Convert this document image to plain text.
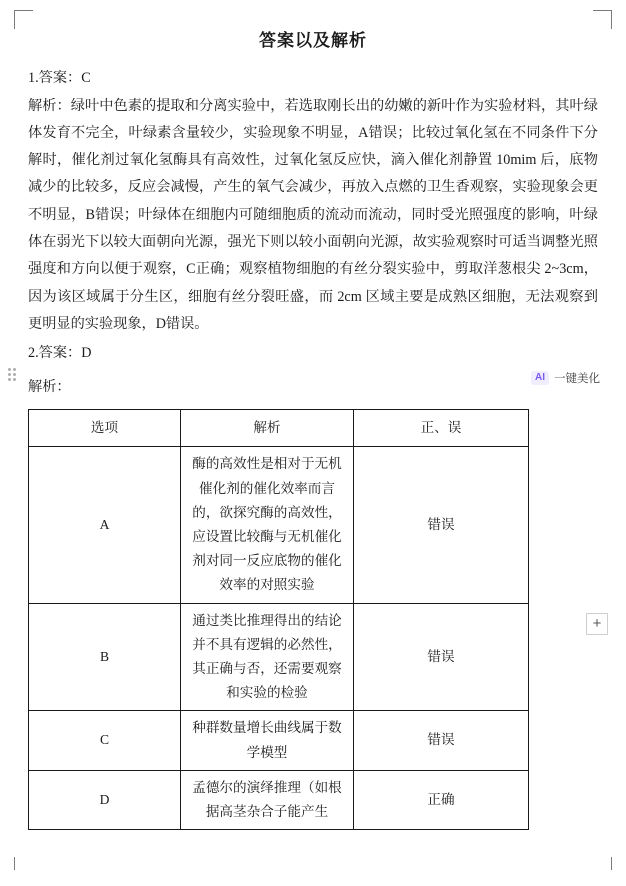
AI 一键美化
+
答案以及解析

1.答案：C

解析：绿叶中色素的提取和分离实验中，若选取刚长出的幼嫩的新叶作为实验材料，其叶绿体发育不完全，叶绿素含量较少，实验现象不明显，A错误；比较过氧化氢在不同条件下分解时，催化剂过氧化氢酶具有高效性，过氧化氢反应快，滴入催化剂静置 10mim 后，底物减少的比较多，反应会减慢，产生的氧气会减少，再放入点燃的卫生香观察，实验现象会更不明显，B错误；叶绿体在细胞内可随细胞质的流动而流动，同时受光照强度的影响，叶绿体在弱光下以较大面朝向光源，强光下则以较小面朝向光源，故实验观察时可适当调整光照强度和方向以便于观察，C正确；观察植物细胞的有丝分裂实验中，剪取洋葱根尖 2~3cm，因为该区域属于分生区，细胞有丝分裂旺盛，而 2cm 区域主要是成熟区细胞，无法观察到更明显的实验现象，D错误。

2.答案：D

解析：

选项	解析	正、误
A	酶的高效性是相对于无机催化剂的催化效率而言的，欲探究酶的高效性，应设置比较酶与无机催化剂对同一反应底物的催化效率的对照实验	错误
B	通过类比推理得出的结论并不具有逻辑的必然性，其正确与否，还需要观察和实验的检验	错误
C	种群数量增长曲线属于数学模型	错误
D	孟德尔的演绎推理（如根据高茎杂合子能产生	正确
